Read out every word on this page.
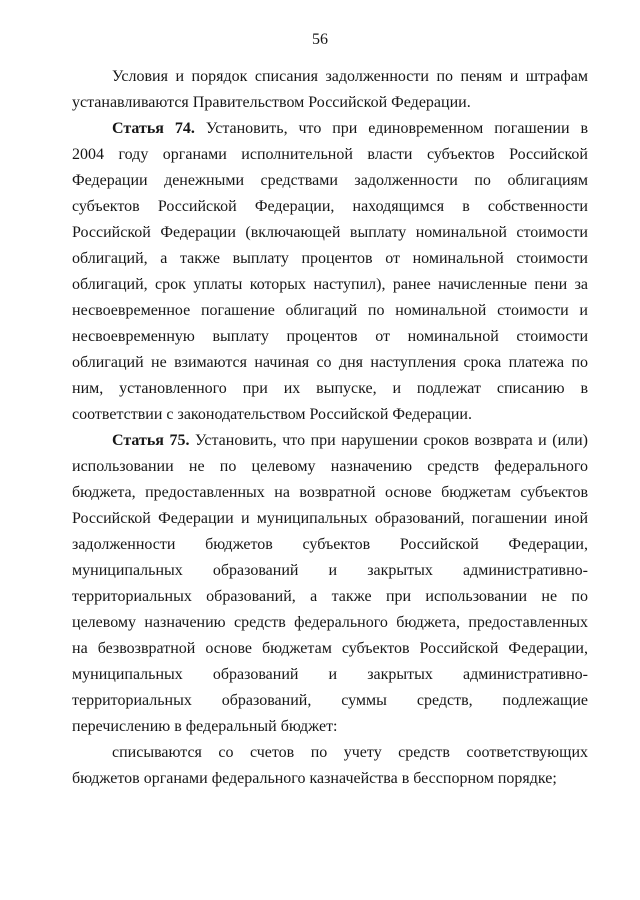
56
Условия и порядок списания задолженности по пеням и штрафам
устанавливаются Правительством Российской Федерации.
Статья 74. Установить, что при единовременном погашении в
2004 году органами исполнительной власти субъектов Российской
Федерации денежными средствами задолженности по облигациям
субъектов Российской Федерации, находящимся в собственности
Российской Федерации (включающей выплату номинальной стоимости
облигаций, а также выплату процентов от номинальной стоимости
облигаций, срок уплаты которых наступил), ранее начисленные пени за
несвоевременное погашение облигаций по номинальной стоимости и
несвоевременную выплату процентов от номинальной стоимости
облигаций не взимаются начиная со дня наступления срока платежа по
ним, установленного при их выпуске, и подлежат списанию в
соответствии с законодательством Российской Федерации.
Статья 75. Установить, что при нарушении сроков возврата и (или)
использовании не по целевому назначению средств федерального
бюджета, предоставленных на возвратной основе бюджетам субъектов
Российской Федерации и муниципальных образований, погашении иной
задолженности бюджетов субъектов Российской Федерации,
муниципальных образований и закрытых административно-
территориальных образований, а также при использовании не по
целевому назначению средств федерального бюджета, предоставленных
на безвозвратной основе бюджетам субъектов Российской Федерации,
муниципальных образований и закрытых административно-
территориальных образований, суммы средств, подлежащие
перечислению в федеральный бюджет:
списываются со счетов по учету средств соответствующих
бюджетов органами федерального казначейства в бесспорном порядке;
